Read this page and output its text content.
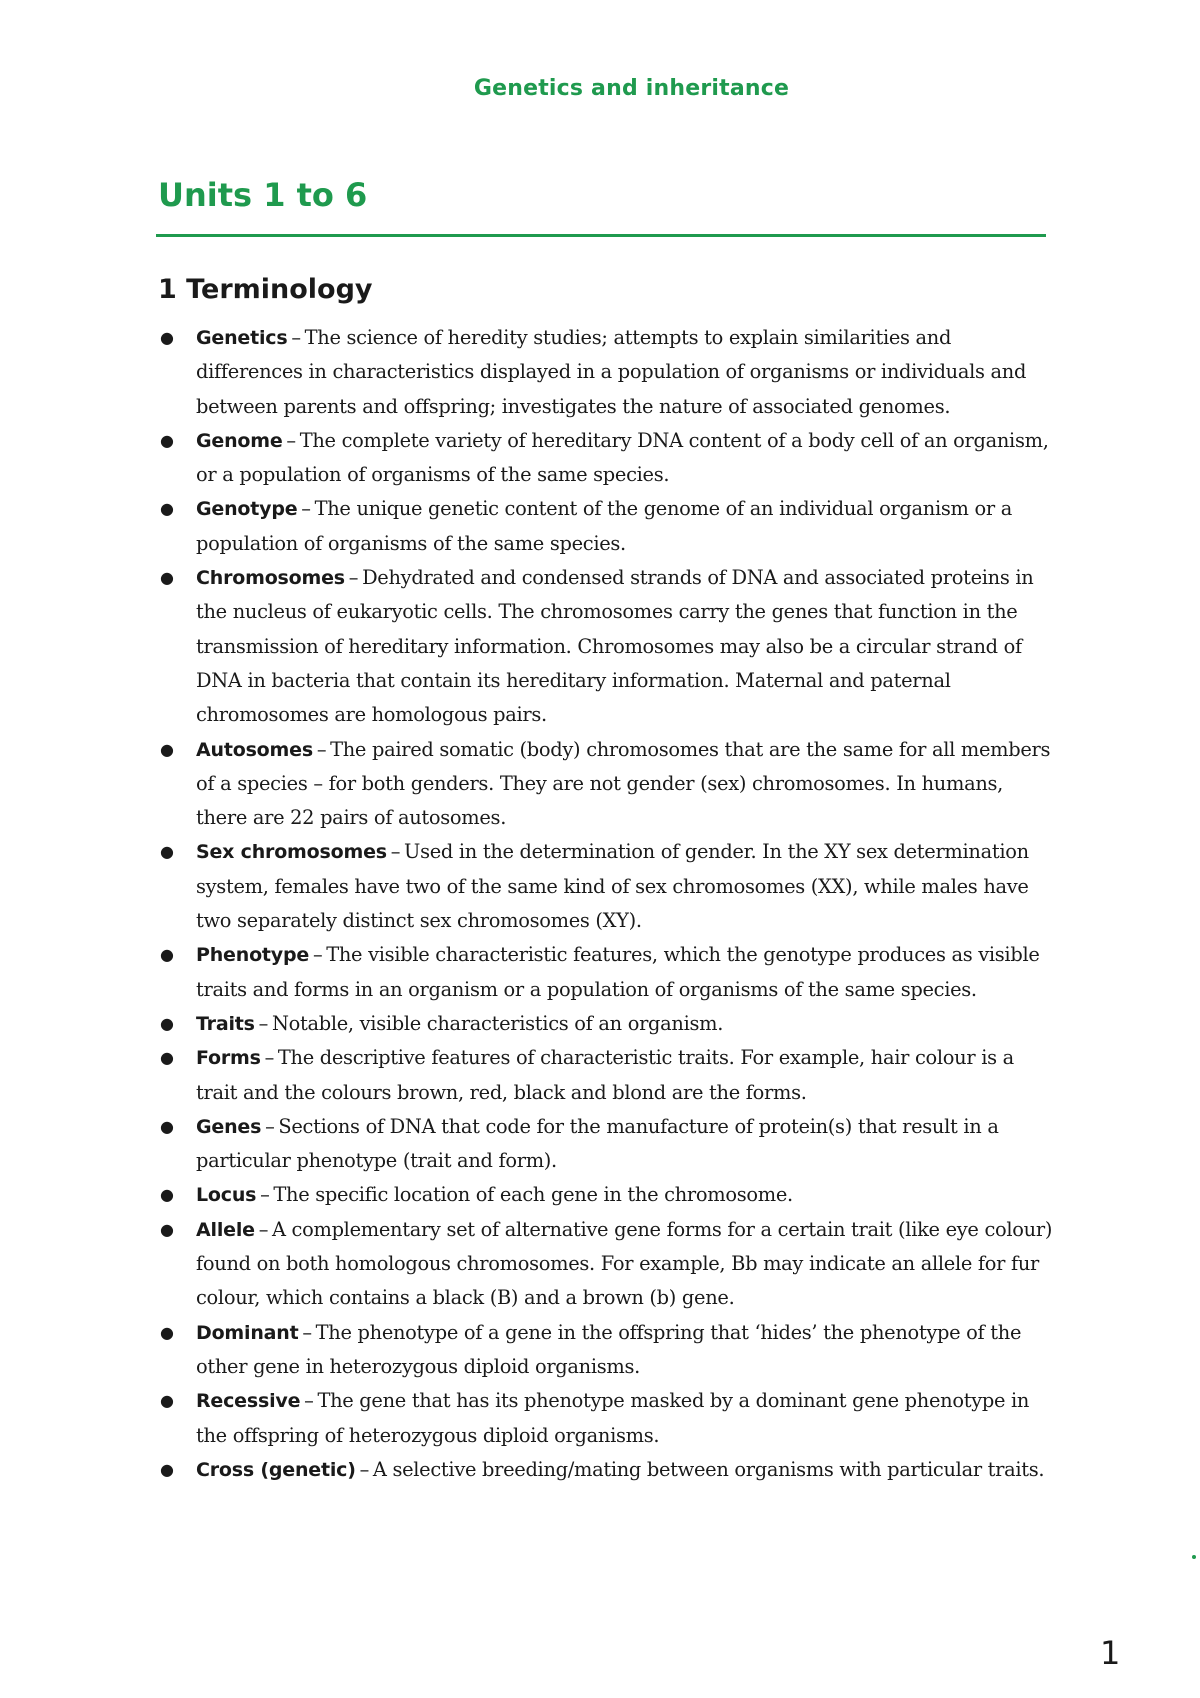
Genetics and inheritance
Units 1 to 6
1 Terminology
● Genetics – The science of heredity studies; attempts to explain similarities and differences in characteristics displayed in a population of organisms or individuals and between parents and offspring; investigates the nature of associated genomes.
● Genome – The complete variety of hereditary DNA content of a body cell of an organism, or a population of organisms of the same species.
● Genotype – The unique genetic content of the genome of an individual organism or a population of organisms of the same species.
● Chromosomes – Dehydrated and condensed strands of DNA and associated proteins in the nucleus of eukaryotic cells. The chromosomes carry the genes that function in the transmission of hereditary information. Chromosomes may also be a circular strand of DNA in bacteria that contain its hereditary information. Maternal and paternal chromosomes are homologous pairs.
● Autosomes – The paired somatic (body) chromosomes that are the same for all members of a species – for both genders. They are not gender (sex) chromosomes. In humans, there are 22 pairs of autosomes.
● Sex chromosomes – Used in the determination of gender. In the XY sex determination system, females have two of the same kind of sex chromosomes (XX), while males have two separately distinct sex chromosomes (XY).
● Phenotype – The visible characteristic features, which the genotype produces as visible traits and forms in an organism or a population of organisms of the same species.
● Traits – Notable, visible characteristics of an organism.
● Forms – The descriptive features of characteristic traits. For example, hair colour is a trait and the colours brown, red, black and blond are the forms.
● Genes – Sections of DNA that code for the manufacture of protein(s) that result in a particular phenotype (trait and form).
● Locus – The specific location of each gene in the chromosome.
● Allele – A complementary set of alternative gene forms for a certain trait (like eye colour) found on both homologous chromosomes. For example, Bb may indicate an allele for fur colour, which contains a black (B) and a brown (b) gene.
● Dominant – The phenotype of a gene in the offspring that ‘hides’ the phenotype of the other gene in heterozygous diploid organisms.
● Recessive – The gene that has its phenotype masked by a dominant gene phenotype in the offspring of heterozygous diploid organisms.
● Cross (genetic) – A selective breeding/mating between organisms with particular traits.
1
